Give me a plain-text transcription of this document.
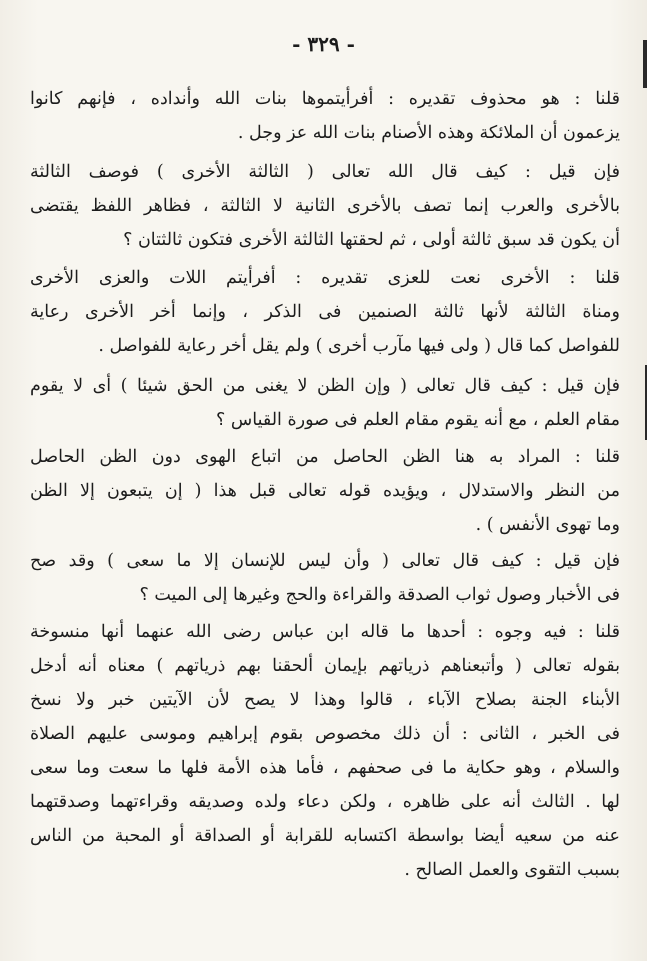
- ٣٢٩ -
قلنا : هو محذوف تقديره : أفرأيتموها بنات الله وأنداده ، فإنهم كانوا
يزعمون أن الملائكة وهذه الأصنام بنات الله عز وجل .
فإن قيل : كيف قال الله تعالى ( الثالثة الأخرى ) فوصف الثالثة
بالأخرى والعرب إنما تصف بالأخرى الثانية لا الثالثة ، فظاهر اللفظ يقتضى
أن يكون قد سبق ثالثة أولى ، ثم لحقتها الثالثة الأخرى فتكون ثالثتان ؟
قلنا : الأخرى نعت للعزى تقديره : أفرأيتم اللات والعزى الأخرى
ومناة الثالثة لأنها ثالثة الصنمين فى الذكر ، وإنما أخر الأخرى رعاية
للفواصل كما قال ( ولى فيها مآرب أخرى ) ولم يقل أخر رعاية للفواصل .
فإن قيل : كيف قال تعالى ( وإن الظن لا يغنى من الحق شيئا ) أى لا يقوم
مقام العلم ، مع أنه يقوم مقام العلم فى صورة القياس ؟
قلنا : المراد به هنا الظن الحاصل من اتباع الهوى دون الظن الحاصل
من النظر والاستدلال ، ويؤيده قوله تعالى قبل هذا ( إن يتبعون إلا الظن
وما تهوى الأنفس ) .
فإن قيل : كيف قال تعالى ( وأن ليس للإنسان إلا ما سعى ) وقد صح
فى الأخبار وصول ثواب الصدقة والقراءة والحج وغيرها إلى الميت ؟
قلنا : فيه وجوه : أحدها ما قاله ابن عباس رضى الله عنهما أنها منسوخة
بقوله تعالى ( وأتبعناهم ذرياتهم بإيمان ألحقنا بهم ذرياتهم ) معناه أنه أدخل
الأبناء الجنة بصلاح الآباء ، قالوا وهذا لا يصح لأن الآيتين خبر ولا نسخ
فى الخبر ، الثانى : أن ذلك مخصوص بقوم إبراهيم وموسى عليهم الصلاة
والسلام ، وهو حكاية ما فى صحفهم ، فأما هذه الأمة فلها ما سعت وما سعى
لها . الثالث أنه على ظاهره ، ولكن دعاء ولده وصديقه وقراءتهما وصدقتهما
عنه من سعيه أيضا بواسطة اكتسابه للقرابة أو الصداقة أو المحبة من الناس
بسبب التقوى والعمل الصالح .
